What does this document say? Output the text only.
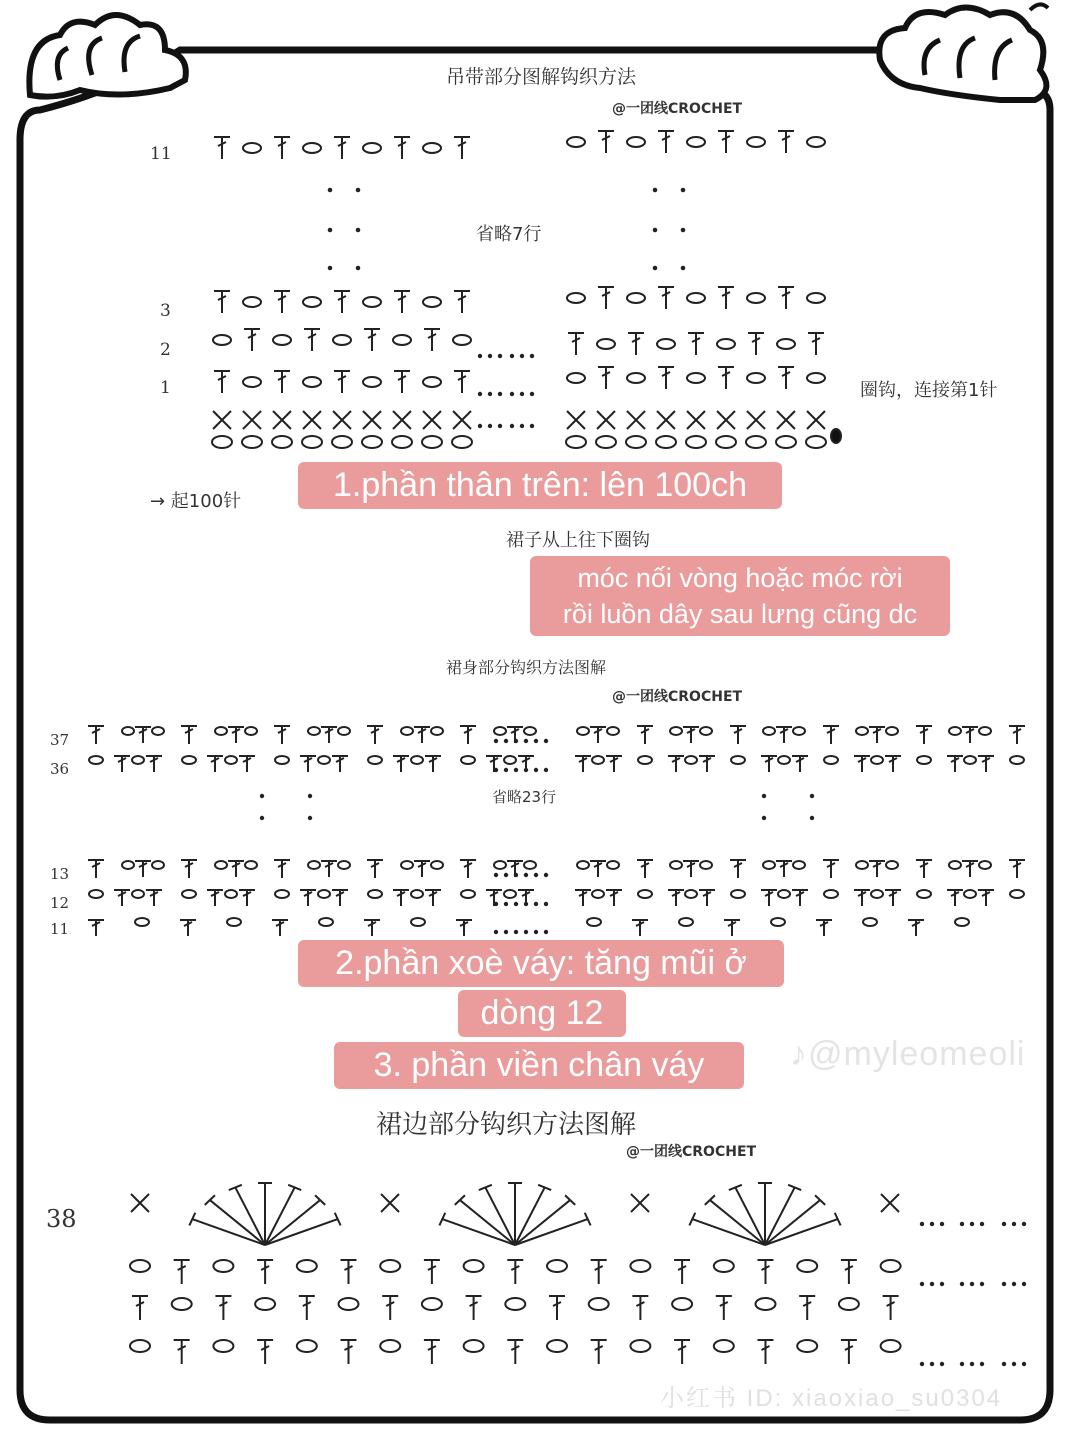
吊带部分图解钩织方法
@一团线CROCHET
11
3
2
1
省略7行
圈钩，连接第1针
→ 起100针
裙子从上往下圈钩
裙身部分钩织方法图解
@一团线CROCHET
37
36
13
12
11
省略23行
裙边部分钩织方法图解
@一团线CROCHET
38
1.phần thân trên: lên 100ch
móc nối vòng hoặc móc rời
rồi luồn dây sau lưng cũng dc
2.phần xoè váy: tăng mũi ở
dòng 12
3. phần viền chân váy	♪@myleomeoli
小红书 ID: xiaoxiao_su0304
